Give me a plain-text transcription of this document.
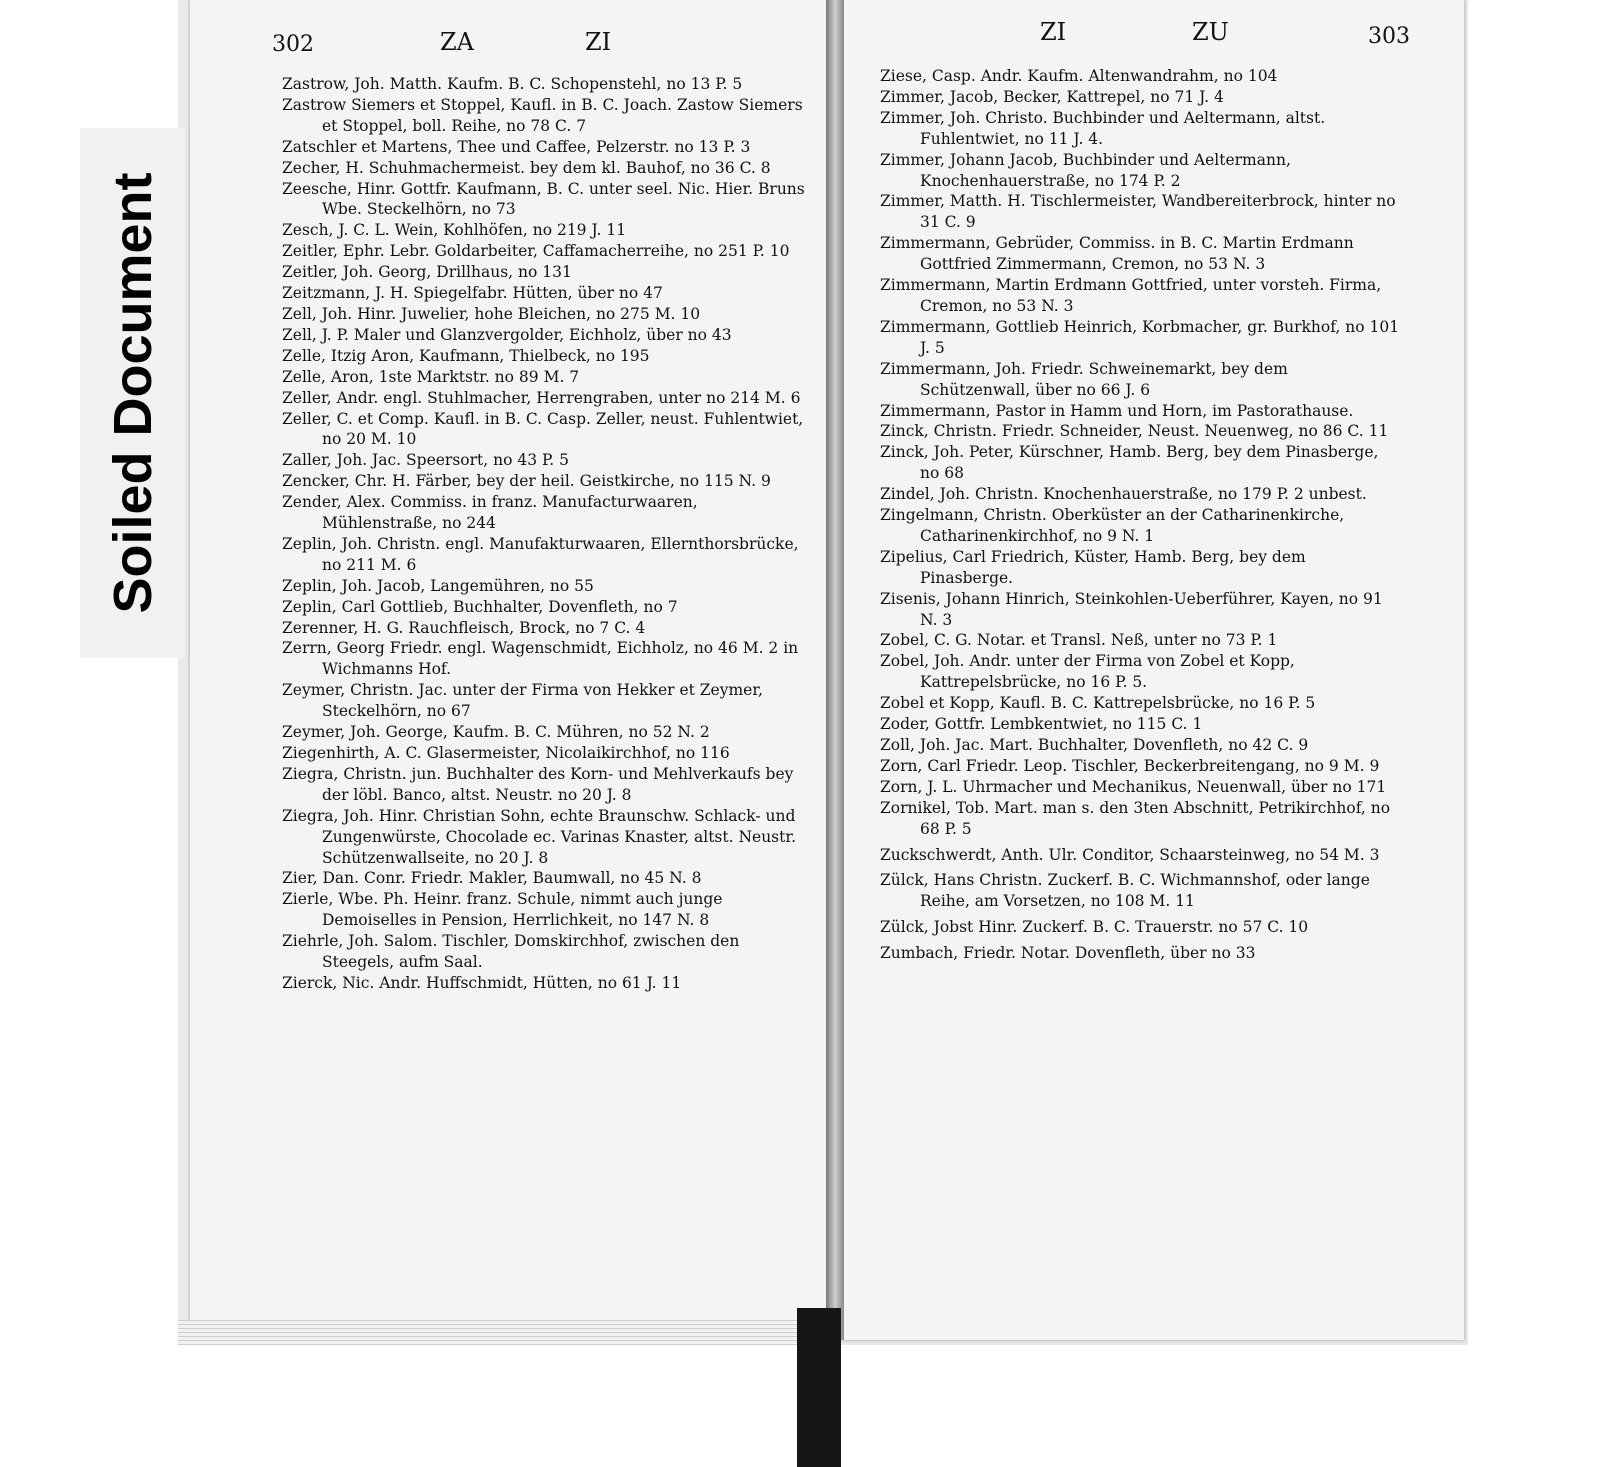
Soiled Document
302	ZA	ZI	ZI	ZU	303
Zastrow, Joh. Matth. Kaufm. B. C. Schopenstehl, no 13 P. 5
Zastrow Siemers et Stoppel, Kaufl. in B. C. Joach. Zastow Siemers et Stoppel, boll. Reihe, no 78 C. 7
Zatschler et Martens, Thee und Caffee, Pelzerstr. no 13 P. 3
Zecher, H. Schuhmachermeist. bey dem kl. Bauhof, no 36 C. 8
Zeesche, Hinr. Gottfr. Kaufmann, B. C. unter seel. Nic. Hier. Bruns Wbe. Steckelhörn, no 73
Zesch, J. C. L. Wein, Kohlhöfen, no 219 J. 11
Zeitler, Ephr. Lebr. Goldarbeiter, Caffamacherreihe, no 251 P. 10
Zeitler, Joh. Georg, Drillhaus, no 131
Zeitzmann, J. H. Spiegelfabr. Hütten, über no 47
Zell, Joh. Hinr. Juwelier, hohe Bleichen, no 275 M. 10
Zell, J. P. Maler und Glanzvergolder, Eichholz, über no 43
Zelle, Itzig Aron, Kaufmann, Thielbeck, no 195
Zelle, Aron, 1ste Marktstr. no 89 M. 7
Zeller, Andr. engl. Stuhlmacher, Herrengraben, unter no 214 M. 6
Zeller, C. et Comp. Kaufl. in B. C. Casp. Zeller, neust. Fuhlentwiet, no 20 M. 10
Zaller, Joh. Jac. Speersort, no 43 P. 5
Zencker, Chr. H. Färber, bey der heil. Geistkirche, no 115 N. 9
Zender, Alex. Commiss. in franz. Manufacturwaaren, Mühlenstraße, no 244
Zeplin, Joh. Christn. engl. Manufakturwaaren, Ellernthorsbrücke, no 211 M. 6
Zeplin, Joh. Jacob, Langemühren, no 55
Zeplin, Carl Gottlieb, Buchhalter, Dovenfleth, no 7
Zerenner, H. G. Rauchfleisch, Brock, no 7 C. 4
Zerrn, Georg Friedr. engl. Wagenschmidt, Eichholz, no 46 M. 2 in Wichmanns Hof.
Zeymer, Christn. Jac. unter der Firma von Hekker et Zeymer, Steckelhörn, no 67
Zeymer, Joh. George, Kaufm. B. C. Mühren, no 52 N. 2
Ziegenhirth, A. C. Glasermeister, Nicolaikirchhof, no 116
Ziegra, Christn. jun. Buchhalter des Korn- und Mehlverkaufs bey der löbl. Banco, altst. Neustr. no 20 J. 8
Ziegra, Joh. Hinr. Christian Sohn, echte Braunschw. Schlack- und Zungenwürste, Chocolade ec. Varinas Knaster, altst. Neustr. Schützenwallseite, no 20 J. 8
Zier, Dan. Conr. Friedr. Makler, Baumwall, no 45 N. 8
Zierle, Wbe. Ph. Heinr. franz. Schule, nimmt auch junge Demoiselles in Pension, Herrlichkeit, no 147 N. 8
Ziehrle, Joh. Salom. Tischler, Domskirchhof, zwischen den Steegels, aufm Saal.
Zierck, Nic. Andr. Huffschmidt, Hütten, no 61 J. 11
Ziese, Casp. Andr. Kaufm. Altenwandrahm, no 104
Zimmer, Jacob, Becker, Kattrepel, no 71 J. 4
Zimmer, Joh. Christo. Buchbinder und Aeltermann, altst. Fuhlentwiet, no 11 J. 4.
Zimmer, Johann Jacob, Buchbinder und Aeltermann, Knochenhauerstraße, no 174 P. 2
Zimmer, Matth. H. Tischlermeister, Wandbereiterbrock, hinter no 31 C. 9
Zimmermann, Gebrüder, Commiss. in B. C. Martin Erdmann Gottfried Zimmermann, Cremon, no 53 N. 3
Zimmermann, Martin Erdmann Gottfried, unter vorsteh. Firma, Cremon, no 53 N. 3
Zimmermann, Gottlieb Heinrich, Korbmacher, gr. Burkhof, no 101 J. 5
Zimmermann, Joh. Friedr. Schweinemarkt, bey dem Schützenwall, über no 66 J. 6
Zimmermann, Pastor in Hamm und Horn, im Pastorathause.
Zinck, Christn. Friedr. Schneider, Neust. Neuenweg, no 86 C. 11
Zinck, Joh. Peter, Kürschner, Hamb. Berg, bey dem Pinasberge, no 68
Zindel, Joh. Christn. Knochenhauerstraße, no 179 P. 2 unbest.
Zingelmann, Christn. Oberküster an der Catharinenkirche, Catharinenkirchhof, no 9 N. 1
Zipelius, Carl Friedrich, Küster, Hamb. Berg, bey dem Pinasberge.
Zisenis, Johann Hinrich, Steinkohlen-Ueberführer, Kayen, no 91 N. 3
Zobel, C. G. Notar. et Transl. Neß, unter no 73 P. 1
Zobel, Joh. Andr. unter der Firma von Zobel et Kopp, Kattrepelsbrücke, no 16 P. 5.
Zobel et Kopp, Kaufl. B. C. Kattrepelsbrücke, no 16 P. 5
Zoder, Gottfr. Lembkentwiet, no 115 C. 1
Zoll, Joh. Jac. Mart. Buchhalter, Dovenfleth, no 42 C. 9
Zorn, Carl Friedr. Leop. Tischler, Beckerbreitengang, no 9 M. 9
Zorn, J. L. Uhrmacher und Mechanikus, Neuenwall, über no 171
Zornikel, Tob. Mart. man s. den 3ten Abschnitt, Petrikirchhof, no 68 P. 5
Zuckschwerdt, Anth. Ulr. Conditor, Schaarsteinweg, no 54 M. 3
Zülck, Hans Christn. Zuckerf. B. C. Wichmannshof, oder lange Reihe, am Vorsetzen, no 108 M. 11
Zülck, Jobst Hinr. Zuckerf. B. C. Trauerstr. no 57 C. 10
Zumbach, Friedr. Notar. Dovenfleth, über no 33
